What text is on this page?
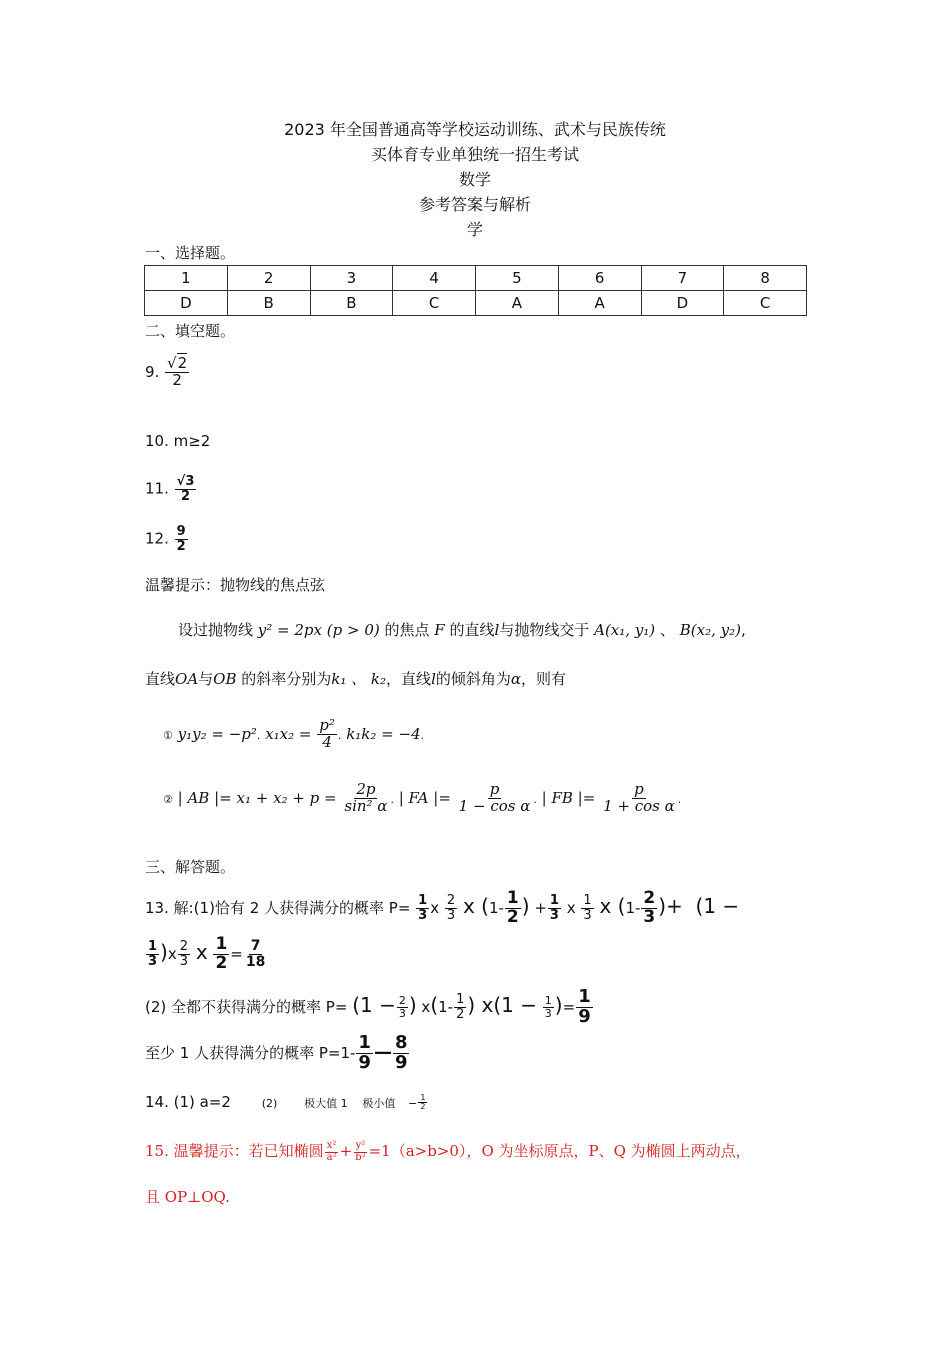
2023 年全国普通高等学校运动训练、武术与民族传统
买体育专业单独统一招生考试
数学
参考答案与解析
学
一、选择题。
1	2	3	4	5	6	7	8
D	B	B	C	A	A	D	C
二、填空题。
9. $\frac{√2}{2}$
10. m≥2
11. $\frac{√3}{2}$
12. $\frac{9}{2}$
温馨提示：抛物线的焦点弦
设过抛物线 y² = 2px (p > 0) 的焦点 F 的直线l与抛物线交于 A(x₁, y₁) 、 B(x₂, y₂),
直线OA与OB 的斜率分别为k₁ 、 k₂，直线l的倾斜角为α，则有
① y₁y₂ = −p². $x_1x_2 = \frac{\text{p²}}{4}$ . k₁k₂ = −4.
② | AB |= $x_1 + x_2 + p = \frac{2p}{\text{sin² α}}$ . | FA |= $\frac{p}{\text{1 − cos α}}$ . | FB |= $\frac{p}{\text{1 + cos α}}$ .
三、解答题。
13. 解:(1)恰有 2 人获得满分的概率 $P= \frac{1}{3}$ x $\frac{2}{3}$ x ($1- \frac{1}{2}$ ) + $\frac{1}{3}$ x $\frac{1}{3}$ x ($1- \frac{2}{3}$ )+  (1 −
$\frac{1}{3} )x \frac{2}{3}$ x $\frac{1}{2} = \frac{7}{18}$
(2) 全都不获得满分的概率 $P= (1 - \frac{2}{3}$ ) $x(1- \frac{1}{2}$ ) $x(1 - \frac{1}{3}$ )= $\frac{1}{9}$
至少 1 人获得满分的概率 $P=1- \frac{1}{9}$ — $\frac{8}{9}$
14. (1) a=2	(2) 极大值 1 极小值 − $\frac{1}{2}$
15. 温馨提示：若已知椭圆 $\frac{\text{x²}}{\text{a²}} + \frac{\text{y²}}{\text{b²}} =1(a>b>0)$，O 为坐标原点，P、Q 为椭圆上两动点，
且 OP⊥OQ.
